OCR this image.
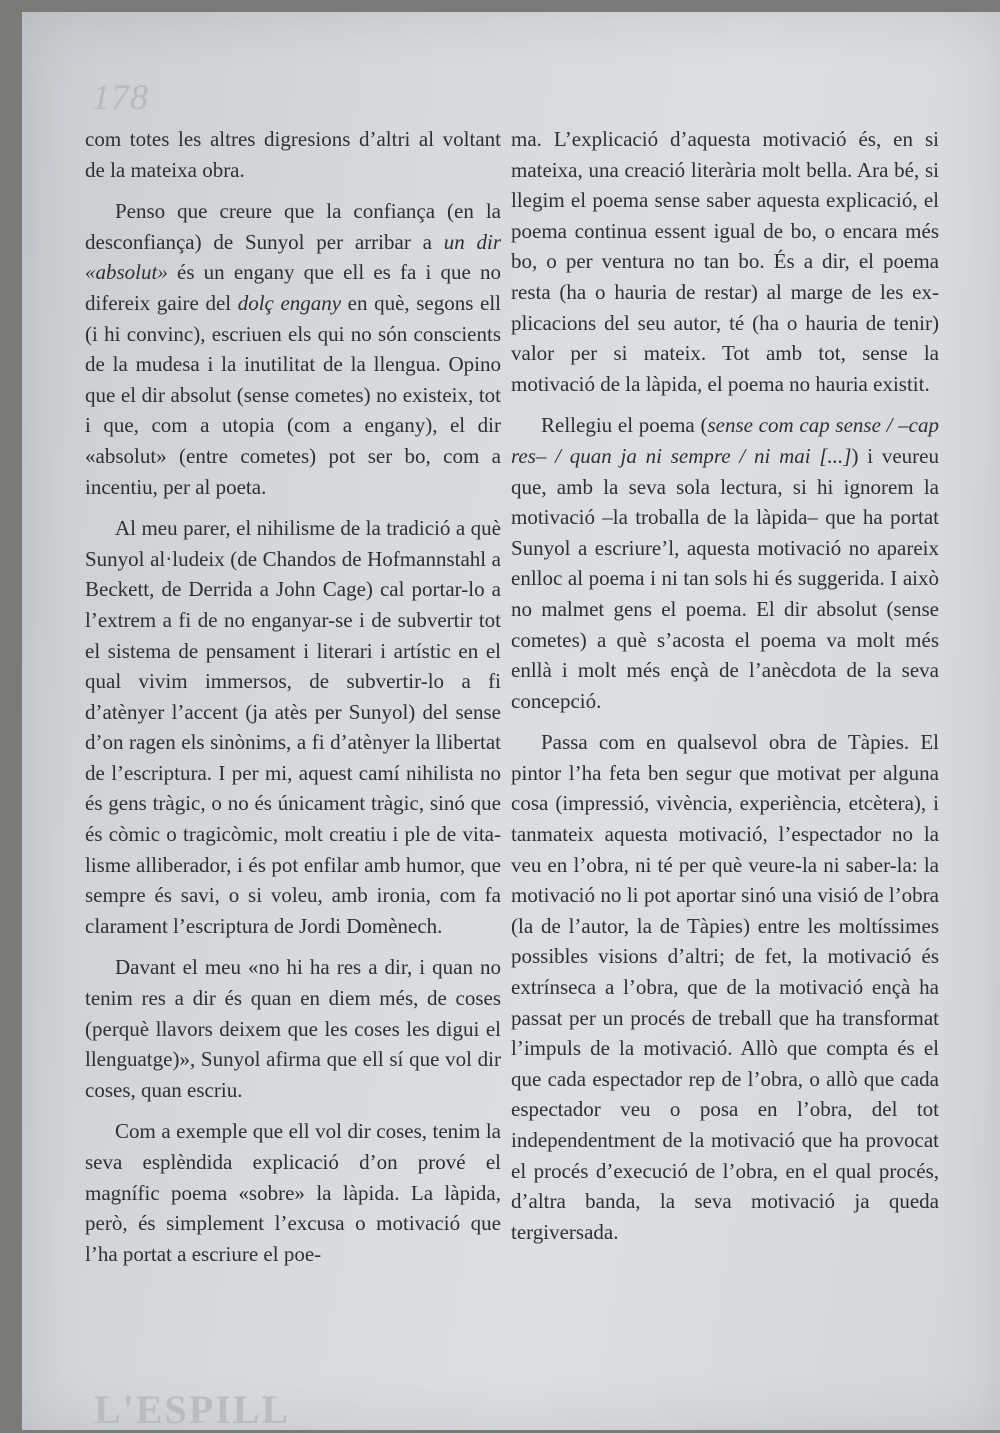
178

com totes les altres digresions d’altri al voltant de la mateixa obra.

Penso que creure que la confiança (en la desconfiança) de Sunyol per arribar a un dir «absolut» és un engany que ell es fa i que no difereix gaire del dolç engany en què, segons ell (i hi convinc), escriuen els qui no són conscients de la mudesa i la inutilitat de la llengua. Opino que el dir absolut (sense cometes) no existeix, tot i que, com a utopia (com a engany), el dir «absolut» (entre cometes) pot ser bo, com a incentiu, per al poeta.

Al meu parer, el nihilisme de la tradició a què Sunyol al·ludeix (de Chandos de Hofmannstahl a Beckett, de Derrida a John Cage) cal portar-lo a l’extrem a fi de no enganyar-se i de subvertir tot el sistema de pensament i literari i artístic en el qual vivim immersos, de subvertir-lo a fi d’atènyer l’accent (ja atès per Sunyol) del sense d’on ragen els sinònims, a fi d’atènyer la llibertat de l’escriptura. I per mi, aquest camí nihilista no és gens tràgic, o no és únicament tràgic, sinó que és còmic o tragicòmic, molt creatiu i ple de vitalisme alliberador, i és pot enfilar amb humor, que sempre és savi, o si voleu, amb ironia, com fa clarament l’escriptura de Jordi Domènech.

Davant el meu «no hi ha res a dir, i quan no tenim res a dir és quan en diem més, de coses (perquè llavors deixem que les coses les digui el llenguatge)», Sunyol afirma que ell sí que vol dir coses, quan escriu.

Com a exemple que ell vol dir coses, tenim la seva esplèndida explicació d’on prové el magnífic poema «sobre» la làpida. La làpida, però, és simplement l’excusa o motivació que l’ha portat a escriure el poe-

ma. L’explicació d’aquesta motivació és, en si mateixa, una creació literària molt bella. Ara bé, si llegim el poema sense saber aquesta explicació, el poema continua essent igual de bo, o encara més bo, o per ventura no tan bo. És a dir, el poema resta (ha o hauria de restar) al marge de les explicacions del seu autor, té (ha o hauria de tenir) valor per si mateix. Tot amb tot, sense la motivació de la làpida, el poema no hauria existit.

Rellegiu el poema (sense com cap sense / –cap res– / quan ja ni sempre / ni mai [...]) i veureu que, amb la seva sola lectura, si hi ignorem la motivació –la troballa de la làpida– que ha portat Sunyol a escriure’l, aquesta motivació no apareix enlloc al poema i ni tan sols hi és suggerida. I això no malmet gens el poema. El dir absolut (sense cometes) a què s’acosta el poema va molt més enllà i molt més ençà de l’anècdota de la seva concepció.

Passa com en qualsevol obra de Tàpies. El pintor l’ha feta ben segur que motivat per alguna cosa (impressió, vivència, experiència, etcètera), i tanmateix aquesta motivació, l’espectador no la veu en l’obra, ni té per què veure-la ni saber-la: la motivació no li pot aportar sinó una visió de l’obra (la de l’autor, la de Tàpies) entre les moltíssimes possibles visions d’altri; de fet, la motivació és extrínseca a l’obra, que de la motivació ençà ha passat per un procés de treball que ha transformat l’impuls de la motivació. Allò que compta és el que cada espectador rep de l’obra, o allò que cada espectador veu o posa en l’obra, del tot independentment de la motivació que ha provocat el procés d’execució de l’obra, en el qual procés, d’altra banda, la seva motivació ja queda tergiversada.

L'ESPILL
